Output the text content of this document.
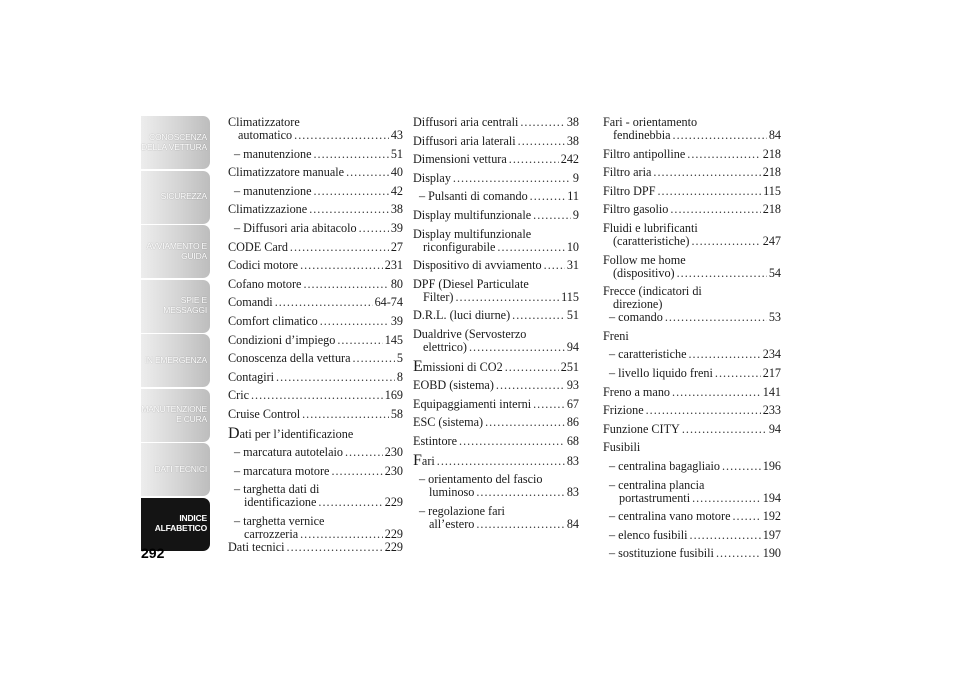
CONOSCENZA DELLA VETTURA
SICUREZZA
AVVIAMENTO E GUIDA
SPIE E MESSAGGI
IN EMERGENZA
MANUTENZIONE E CURA
DATI TECNICI
INDICE ALFABETICO
292
Climatizzatore
automatico .....	43
– manutenzione .....	51
Climatizzatore manuale .....	40
– manutenzione .....	42
Climatizzazione .....	38
– Diffusori aria abitacolo .....	39
CODE Card .....	27
Codici motore .....	231
Cofano motore .....	80
Comandi .....	64-74
Comfort climatico .....	39
Condizioni d’impiego .....	145
Conoscenza della vettura .....	5
Contagiri .....	8
Cric .....	169
Cruise Control .....	58
Dati per l’identificazione
– marcatura autotelaio .....	230
– marcatura motore .....	230
– targhetta dati di
identificazione .....	229
– targhetta vernice
carrozzeria .....	229
Dati tecnici .....	229
Diffusori aria centrali .....	38
Diffusori aria laterali .....	38
Dimensioni vettura .....	242
Display .....	9
– Pulsanti di comando .....	11
Display multifunzionale .....	9
Display multifunzionale
riconfigurabile .....	10
Dispositivo di avviamento ..... 31
DPF (Diesel Particulate
Filter) .....	115
D.R.L. (luci diurne) .....	51
Dualdrive (Servosterzo
elettrico) .....	94
Emissioni di CO2 .....	251
EOBD (sistema) .....	93
Equipaggiamenti interni .....	67
ESC (sistema) .....	86
Estintore .....	68
Fari .....	83
– orientamento del fascio
luminoso .....	83
– regolazione fari
all’estero .....	84
Fari - orientamento
fendinebbia .....	84
Filtro antipolline .....	218
Filtro aria .....	218
Filtro DPF .....	115
Filtro gasolio .....	218
Fluidi e lubrificanti
(caratteristiche) .....	247
Follow me home
(dispositivo) .....	54
Frecce (indicatori di
direzione)
– comando .....	53
Freni
– caratteristiche .....	234
– livello liquido freni .....	217
Freno a mano .....	141
Frizione .....	233
Funzione CITY .....	94
Fusibili
– centralina bagagliaio .....	196
– centralina plancia
portastrumenti .....	194
– centralina vano motore .....	192
– elenco fusibili .....	197
– sostituzione fusibili .....	190
